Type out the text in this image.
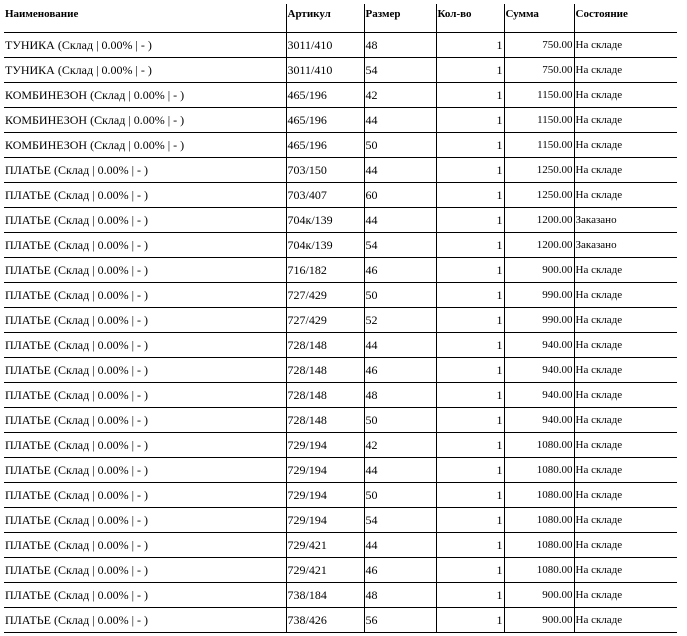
Наименование	Артикул	Размер	Кол-во	Сумма	Состояние
ТУНИКА (Склад | 0.00% | - )	3011/410	48	1	750.00	На складе
ТУНИКА (Склад | 0.00% | - )	3011/410	54	1	750.00	На складе
КОМБИНЕЗОН (Склад | 0.00% | - )	465/196	42	1	1150.00	На складе
КОМБИНЕЗОН (Склад | 0.00% | - )	465/196	44	1	1150.00	На складе
КОМБИНЕЗОН (Склад | 0.00% | - )	465/196	50	1	1150.00	На складе
ПЛАТЬЕ (Склад | 0.00% | - )	703/150	44	1	1250.00	На складе
ПЛАТЬЕ (Склад | 0.00% | - )	703/407	60	1	1250.00	На складе
ПЛАТЬЕ (Склад | 0.00% | - )	704к/139	44	1	1200.00	Заказано
ПЛАТЬЕ (Склад | 0.00% | - )	704к/139	54	1	1200.00	Заказано
ПЛАТЬЕ (Склад | 0.00% | - )	716/182	46	1	900.00	На складе
ПЛАТЬЕ (Склад | 0.00% | - )	727/429	50	1	990.00	На складе
ПЛАТЬЕ (Склад | 0.00% | - )	727/429	52	1	990.00	На складе
ПЛАТЬЕ (Склад | 0.00% | - )	728/148	44	1	940.00	На складе
ПЛАТЬЕ (Склад | 0.00% | - )	728/148	46	1	940.00	На складе
ПЛАТЬЕ (Склад | 0.00% | - )	728/148	48	1	940.00	На складе
ПЛАТЬЕ (Склад | 0.00% | - )	728/148	50	1	940.00	На складе
ПЛАТЬЕ (Склад | 0.00% | - )	729/194	42	1	1080.00	На складе
ПЛАТЬЕ (Склад | 0.00% | - )	729/194	44	1	1080.00	На складе
ПЛАТЬЕ (Склад | 0.00% | - )	729/194	50	1	1080.00	На складе
ПЛАТЬЕ (Склад | 0.00% | - )	729/194	54	1	1080.00	На складе
ПЛАТЬЕ (Склад | 0.00% | - )	729/421	44	1	1080.00	На складе
ПЛАТЬЕ (Склад | 0.00% | - )	729/421	46	1	1080.00	На складе
ПЛАТЬЕ (Склад | 0.00% | - )	738/184	48	1	900.00	На складе
ПЛАТЬЕ (Склад | 0.00% | - )	738/426	56	1	900.00	На складе
